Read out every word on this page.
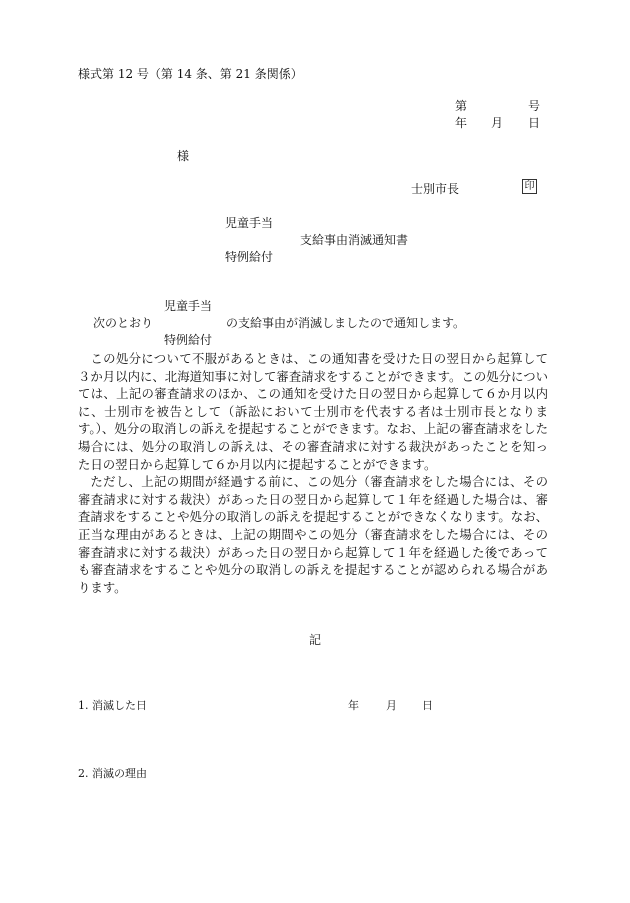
様式第 12 号（第 14 条、第 21 条関係）
第	号
年 月 日
様
士別市長	印
児童手当
支給事由消滅通知書
特例給付
児童手当
次のとおり	の支給事由が消滅しましたので通知します。
特例給付

この処分について不服があるときは、この通知書を受けた日の翌日から起算して３か月以内に、北海道知事に対して審査請求をすることができます。この処分については、上記の審査請求のほか、この通知を受けた日の翌日から起算して６か月以内に、士別市を被告として（訴訟において士別市を代表する者は士別市長となります。）、処分の取消しの訴えを提起することができます。なお、上記の審査請求をした場合には、処分の取消しの訴えは、その審査請求に対する裁決があったことを知った日の翌日から起算して６か月以内に提起することができます。

ただし、上記の期間が経過する前に、この処分（審査請求をした場合には、その審査請求に対する裁決）があった日の翌日から起算して１年を経過した場合は、審査請求をすることや処分の取消しの訴えを提起することができなくなります。なお、正当な理由があるときは、上記の期間やこの処分（審査請求をした場合には、その審査請求に対する裁決）があった日の翌日から起算して１年を経過した後であっても審査請求をすることや処分の取消しの訴えを提起することが認められる場合があります。

記
1. 消滅した日	年 月 日
2. 消滅の理由
